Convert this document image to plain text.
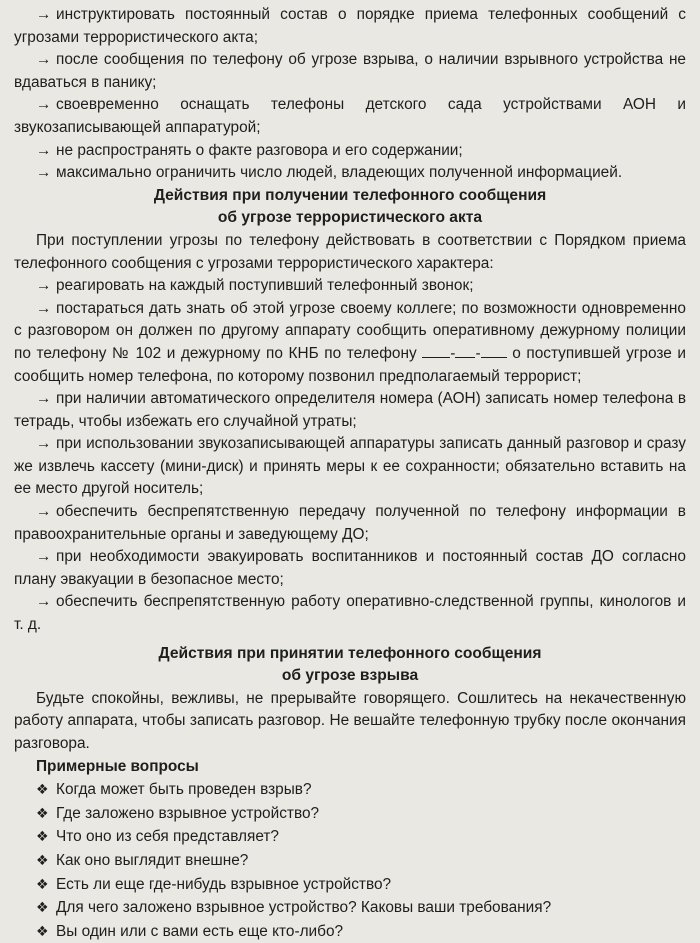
→ инструктировать постоянный состав о порядке приема телефонных сообщений с угрозами террористического акта;

→ после сообщения по телефону об угрозе взрыва, о наличии взрывного устройства не вдаваться в панику;

→ своевременно оснащать телефоны детского сада устройствами АОН и звукозаписывающей аппаратурой;

→ не распространять о факте разговора и его содержании;

→ максимально ограничить число людей, владеющих полученной информацией.

Действия при получении телефонного сообщения
об угрозе террористического акта

При поступлении угрозы по телефону действовать в соответствии с Порядком приема телефонного сообщения с угрозами террористического характера:

→ реагировать на каждый поступивший телефонный звонок;

→ постараться дать знать об этой угрозе своему коллеге; по возможности одновременно с разговором он должен по другому аппарату сообщить оперативному дежурному полиции по телефону № 102 и дежурному по КНБ по телефону - - о поступившей угрозе и сообщить номер телефона, по которому позвонил предполагаемый террорист;

→ при наличии автоматического определителя номера (АОН) записать номер телефона в тетрадь, чтобы избежать его случайной утраты;

→ при использовании звукозаписывающей аппаратуры записать данный разговор и сразу же извлечь кассету (мини-диск) и принять меры к ее сохранности; обязательно вставить на ее место другой носитель;

→ обеспечить беспрепятственную передачу полученной по телефону информации в правоохранительные органы и заведующему ДО;

→ при необходимости эвакуировать воспитанников и постоянный состав ДО согласно плану эвакуации в безопасное место;

→ обеспечить беспрепятственную работу оперативно-следственной группы, кинологов и т. д.

Действия при принятии телефонного сообщения
об угрозе взрыва

Будьте спокойны, вежливы, не прерывайте говорящего. Сошлитесь на некачественную работу аппарата, чтобы записать разговор. Не вешайте телефонную трубку после окончания разговора.

Примерные вопросы

❖ Когда может быть проведен взрыв?
❖ Где заложено взрывное устройство?
❖ Что оно из себя представляет?
❖ Как оно выглядит внешне?
❖ Есть ли еще где-нибудь взрывное устройство?
❖ Для чего заложено взрывное устройство? Каковы ваши требования?
❖ Вы один или с вами есть еще кто-либо?
